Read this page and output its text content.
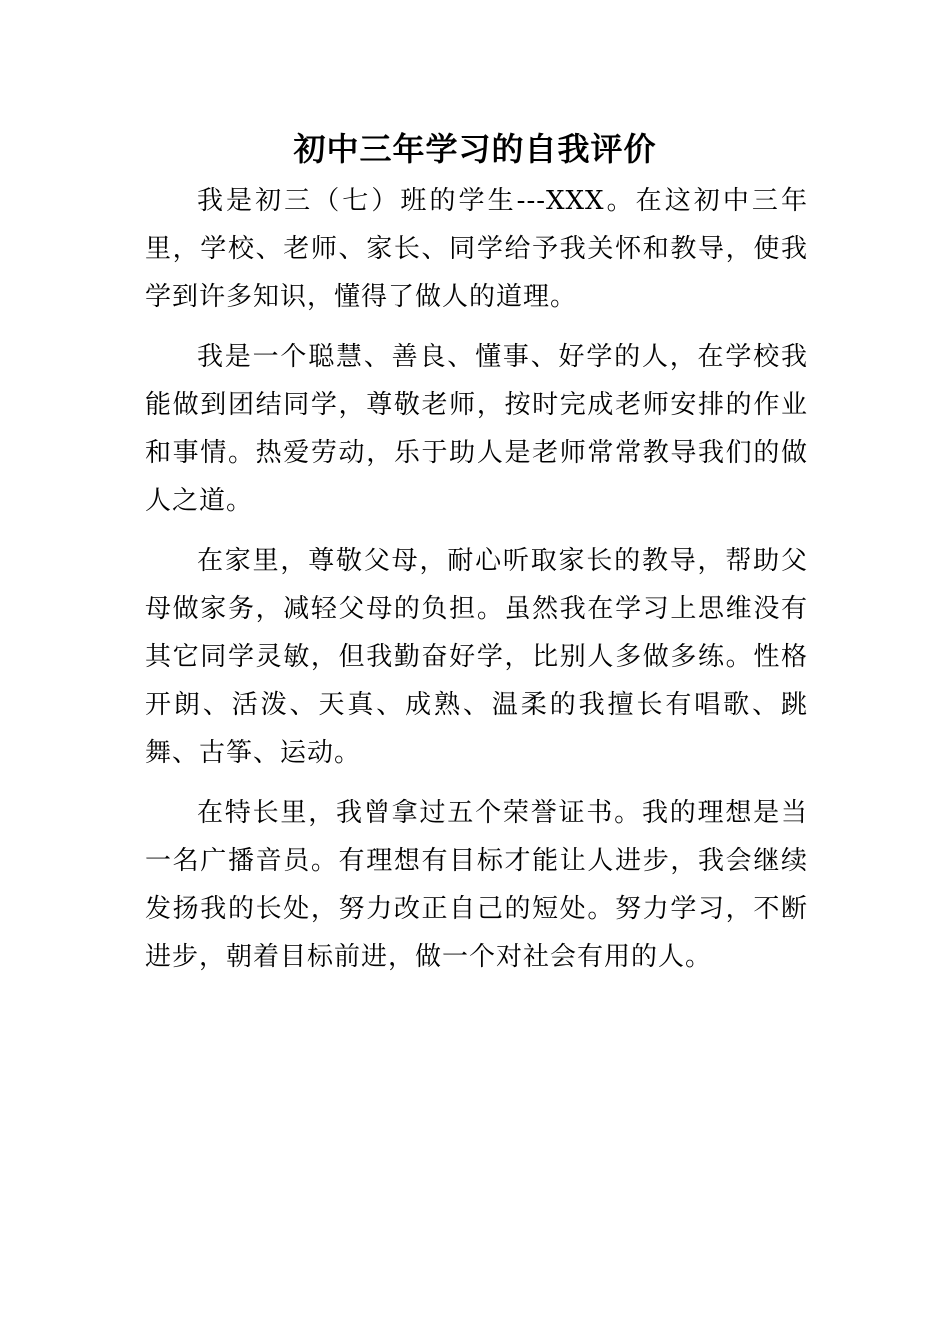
初中三年学习的自我评价

我是初三（七）班的学生---XXX。在这初中三年里，学校、老师、家长、同学给予我关怀和教导，使我学到许多知识，懂得了做人的道理。

我是一个聪慧、善良、懂事、好学的人，在学校我能做到团结同学，尊敬老师，按时完成老师安排的作业和事情。热爱劳动，乐于助人是老师常常教导我们的做人之道。

在家里，尊敬父母，耐心听取家长的教导，帮助父母做家务，减轻父母的负担。虽然我在学习上思维没有其它同学灵敏，但我勤奋好学，比别人多做多练。性格开朗、活泼、天真、成熟、温柔的我擅长有唱歌、跳舞、古筝、运动。

在特长里，我曾拿过五个荣誉证书。我的理想是当一名广播音员。有理想有目标才能让人进步，我会继续发扬我的长处，努力改正自己的短处。努力学习，不断进步，朝着目标前进，做一个对社会有用的人。
